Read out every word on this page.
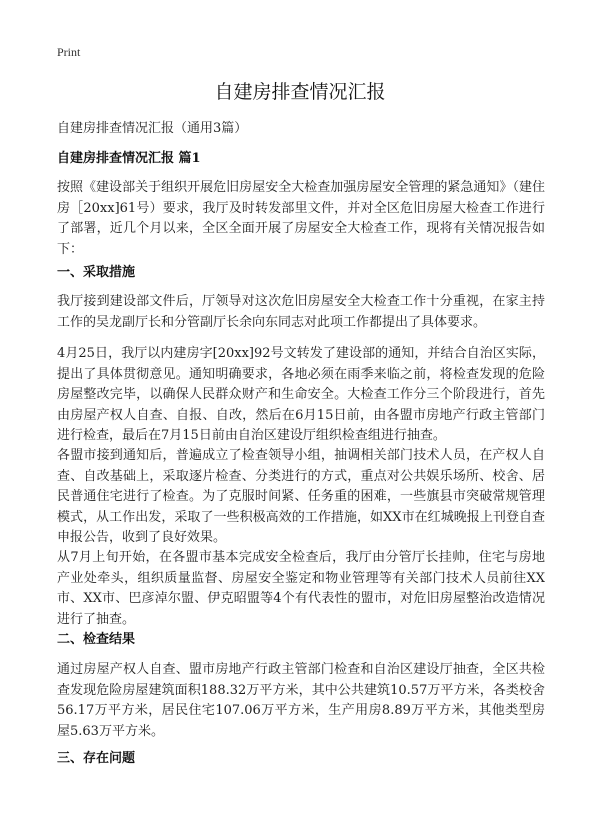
Print
自建房排查情况汇报
自建房排查情况汇报（通用3篇）
自建房排查情况汇报 篇1

按照《建设部关于组织开展危旧房屋安全大检查加强房屋安全管理的紧急通知》（建住房［20xx]61号）要求，我厅及时转发部里文件，并对全区危旧房屋大检查工作进行了部署，近几个月以来，全区全面开展了房屋安全大检查工作，现将有关情况报告如下：

一、采取措施

我厅接到建设部文件后，厅领导对这次危旧房屋安全大检查工作十分重视，在家主持工作的吴龙副厅长和分管副厅长余向东同志对此项工作都提出了具体要求。

4月25日，我厅以内建房字[20xx]92号文转发了建设部的通知，并结合自治区实际，提出了具体贯彻意见。通知明确要求，各地必须在雨季来临之前，将检查发现的危险房屋整改完毕，以确保人民群众财产和生命安全。大检查工作分三个阶段进行，首先由房屋产权人自查、自报、自改，然后在6月15日前，由各盟市房地产行政主管部门进行检查，最后在7月15日前由自治区建设厅组织检查组进行抽查。

各盟市接到通知后，普遍成立了检查领导小组，抽调相关部门技术人员，在产权人自查、自改基础上，采取逐片检查、分类进行的方式，重点对公共娱乐场所、校舍、居民普通住宅进行了检查。为了克服时间紧、任务重的困难，一些旗县市突破常规管理模式，从工作出发，采取了一些积极高效的工作措施，如XX市在红城晚报上刊登自查申报公告，收到了良好效果。

从7月上旬开始，在各盟市基本完成安全检查后，我厅由分管厅长挂帅，住宅与房地产业处牵头，组织质量监督、房屋安全鉴定和物业管理等有关部门技术人员前往XX市、XX市、巴彦淖尔盟、伊克昭盟等4个有代表性的盟市，对危旧房屋整治改造情况进行了抽查。

二、检查结果

通过房屋产权人自查、盟市房地产行政主管部门检查和自治区建设厅抽查，全区共检查发现危险房屋建筑面积188.32万平方米，其中公共建筑10.57万平方米，各类校舍56.17万平方米，居民住宅107.06万平方米，生产用房8.89万平方米，其他类型房屋5.63万平方米。

三、存在问题
